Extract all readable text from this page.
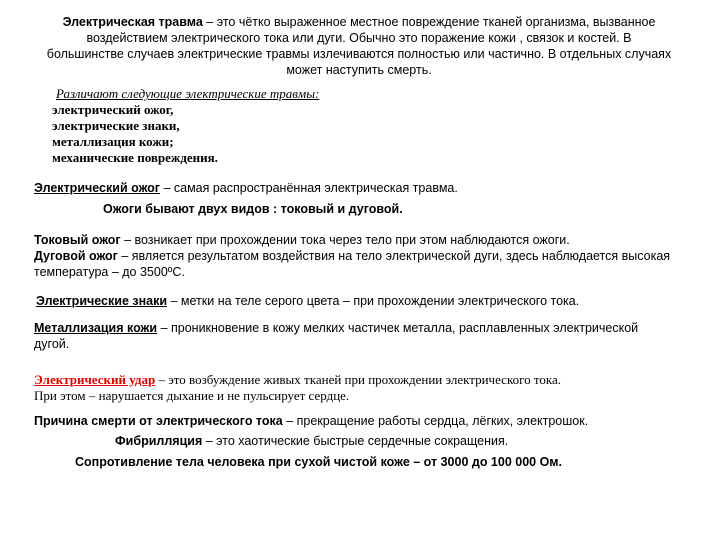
Электрическая травма – это чётко выраженное местное повреждение тканей организма, вызванное
воздействием электрического тока или дуги. Обычно это поражение кожи , связок и костей. В
большинстве случаев электрические травмы излечиваются полностью или частично. В отдельных случаях
может наступить смерть.
Различают следующие электрические травмы:
электрический ожог,
электрические знаки,
металлизация кожи;
механические повреждения.
Электрический ожог – самая распространённая электрическая травма.
Ожоги бывают двух видов : токовый и дуговой.
Токовый ожог – возникает при прохождении тока через тело при этом наблюдаются ожоги.
Дуговой ожог – является результатом воздействия на тело электрической дуги, здесь наблюдается высокая
температура – до 3500ºС.
Электрические знаки – метки на теле серого цвета – при прохождении электрического тока.
Металлизация кожи – проникновение в кожу мелких частичек металла, расплавленных электрической
дугой.
Электрический удар – это возбуждение живых тканей при прохождении электрического тока.
При этом – нарушается дыхание и не пульсирует сердце.
Причина смерти от электрического тока – прекращение работы сердца, лёгких, электрошок.
Фибрилляция – это хаотические быстрые сердечные сокращения.
Сопротивление тела человека при сухой чистой коже – от 3000 до 100 000 Ом.
